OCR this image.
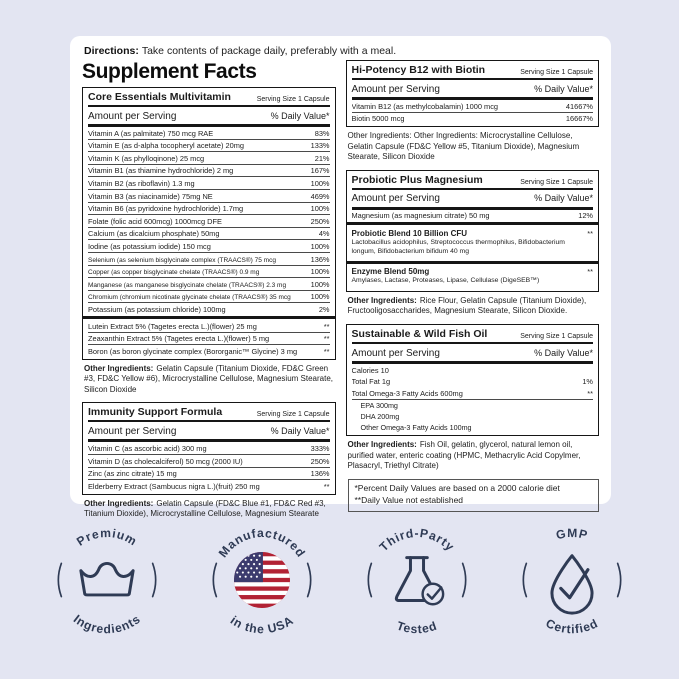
Directions: Take contents of package daily, preferably with a meal.

Supplement Facts
Core Essentials Multivitamin	Serving Size 1 Capsule
Amount per Serving	% Daily Value*
Vitamin A (as palmitate) 750 mcg RAE	83%
Vitamin E (as d-alpha tocopheryl acetate) 20mg	133%
Vitamin K (as phylloqinone) 25 mcg	21%
Vitamin B1 (as thiamine hydrochloride) 2 mg	167%
Vitamin B2 (as riboflavin) 1.3 mg	100%
Vitamin B3 (as niacinamide) 75mg NE	469%
Vitamin B6 (as pyridoxine hydrochloride) 1.7mg	100%
Folate (folic acid 600mcg) 1000mcg DFE	250%
Calcium (as dicalcium phosphate) 50mg	4%
Iodine (as potassium iodide) 150 mcg	100%
Selenium (as selenium bisglycinate complex (TRAACS®) 75 mcg	136%
Copper (as copper bisglycinate chelate (TRAACS®) 0.9 mg	100%
Manganese (as manganese bisglycinate chelate (TRAACS®) 2.3 mg	100%
Chromium (chromium nicotinate glycinate chelate (TRAACS®) 35 mcg	100%
Potassium (as potassium chloride) 100mg	2%
Lutein Extract 5% (Tagetes erecta L.)(flower) 25 mg	**
Zeaxanthin Extract 5% (Tagetes erecta L.)(flower) 5 mg	**
Boron (as boron glycinate complex (Bororganic™ Glycine) 3 mg	**

Other Ingredients: Gelatin Capsule (Titanium Dioxide, FD&C Green #3, FD&C Yellow #6), Microcrystalline Cellulose, Magnesium Stearate, Silicon Dioxide

Immunity Support Formula	Serving Size 1 Capsule
Amount per Serving	% Daily Value*
Vitamin C (as ascorbic acid) 300 mg	333%
Vitamin D (as cholecalciferol) 50 mcg (2000 IU)	250%
Zinc (as zinc citrate) 15 mg	136%
Elderberry Extract (Sambucus nigra L.)(fruit) 250 mg	**

Other Ingredients: Gelatin Capsule (FD&C Blue #1, FD&C Red #3, Titanium Dioxide), Microcrystalline Cellulose, Magnesium Stearate

Hi-Potency B12 with Biotin	Serving Size 1 Capsule
Amount per Serving	% Daily Value*
Vitamin B12 (as methylcobalamin) 1000 mcg	41667%
Biotin 5000 mcg	16667%

Other Ingredients: Other Ingredients: Microcrystalline Cellulose, Gelatin Capsule (FD&C Yellow #5, Titanium Dioxide), Magnesium Stearate, Silicon Dioxide

Probiotic Plus Magnesium	Serving Size 1 Capsule
Amount per Serving	% Daily Value*
Magnesium (as magnesium citrate) 50 mg	12%
Probiotic Blend 10 Billion CFU	**
Lactobacillus acidophilus, Streptococcus thermophilus, Bifidobacterium longum, Bifidobacterium bifidum 40 mg
Enzyme Blend 50mg	**
Amylases, Lactase, Proteases, Lipase, Cellulase (DigeSEB™)

Other Ingredients: Rice Flour, Gelatin Capsule (Titanium Dioxide), Fructooligosaccharides, Magnesium Stearate, Silicon Dioxide.

Sustainable & Wild Fish Oil	Serving Size 1 Capsule
Amount per Serving	% Daily Value*
Calories 10
Total Fat 1g	1%
Total Omega-3 Fatty Acids 600mg	**
EPA 300mg
DHA 200mg
Other Omega-3 Fatty Acids 100mg

Other Ingredients: Fish Oil, gelatin, glycerol, natural lemon oil, purified water, enteric coating (HPMC, Methacrylic Acid Copylmer, Plasacryl, Triethyl Citrate)

*Percent Daily Values are based on a 2000 calorie diet
**Daily Value not established
Premium
Ingredients
Manufactured
in the USA
Third-Party
Tested
GMP
Certified
